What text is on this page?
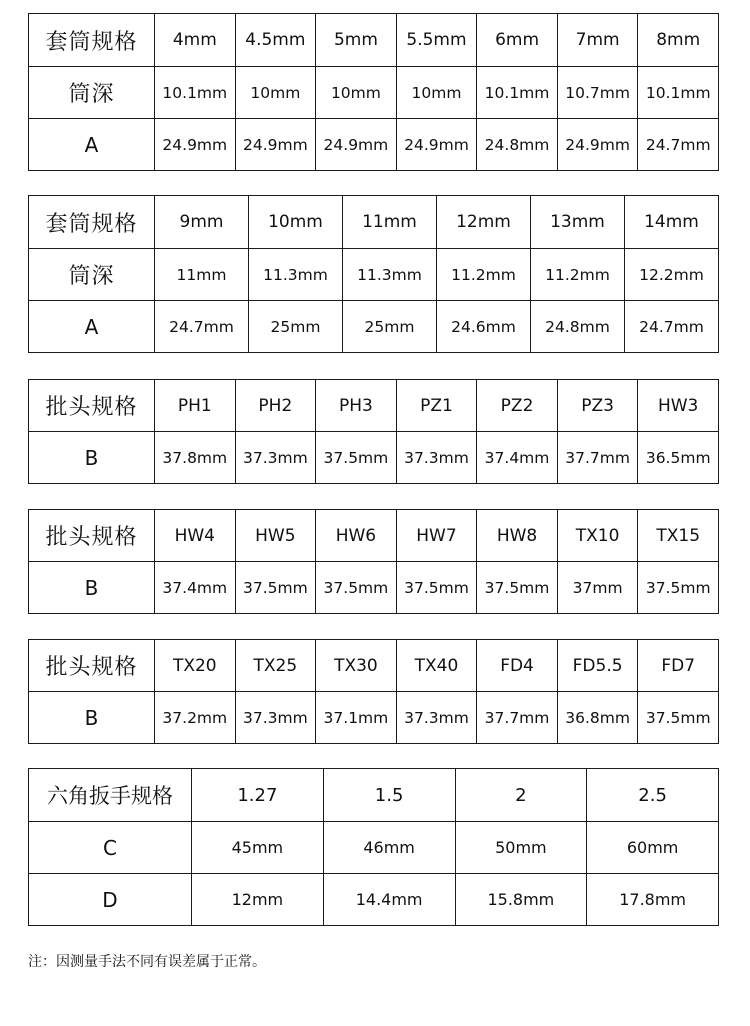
套筒规格	4mm	4.5mm	5mm	5.5mm	6mm	7mm	8mm
筒深	10.1mm	10mm	10mm	10mm	10.1mm	10.7mm	10.1mm
A	24.9mm	24.9mm	24.9mm	24.9mm	24.8mm	24.9mm	24.7mm
套筒规格	9mm	10mm	11mm	12mm	13mm	14mm
筒深	11mm	11.3mm	11.3mm	11.2mm	11.2mm	12.2mm
A	24.7mm	25mm	25mm	24.6mm	24.8mm	24.7mm
批头规格	PH1	PH2	PH3	PZ1	PZ2	PZ3	HW3
B	37.8mm	37.3mm	37.5mm	37.3mm	37.4mm	37.7mm	36.5mm
批头规格	HW4	HW5	HW6	HW7	HW8	TX10	TX15
B	37.4mm	37.5mm	37.5mm	37.5mm	37.5mm	37mm	37.5mm
批头规格	TX20	TX25	TX30	TX40	FD4	FD5.5	FD7
B	37.2mm	37.3mm	37.1mm	37.3mm	37.7mm	36.8mm	37.5mm
六角扳手规格	1.27	1.5	2	2.5
C	45mm	46mm	50mm	60mm
D	12mm	14.4mm	15.8mm	17.8mm
注：因测量手法不同有误差属于正常。
